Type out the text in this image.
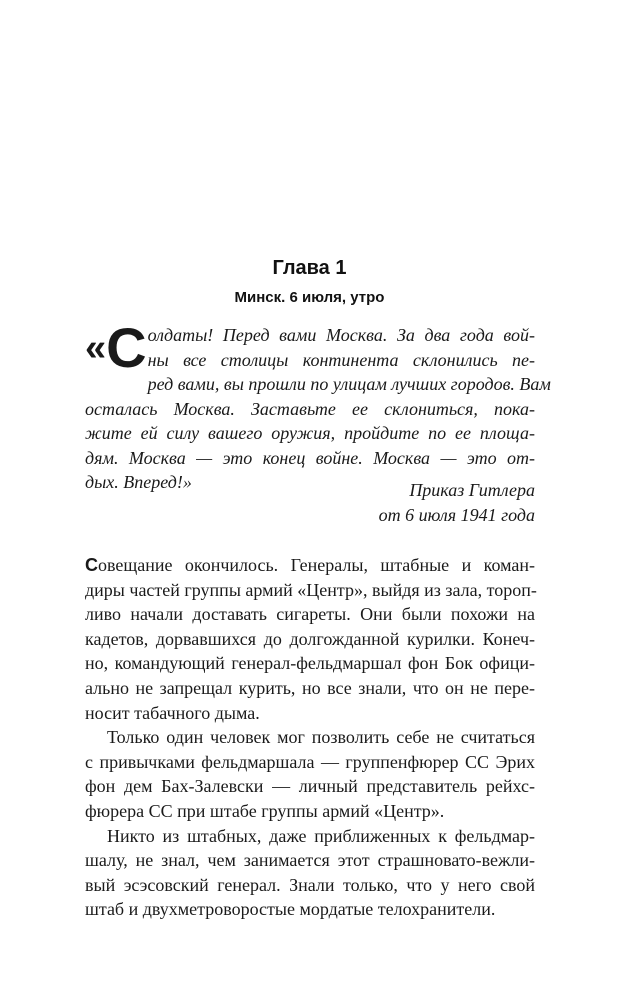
Глава 1
Минск. 6 июля, утро
«С олдаты! Перед вами Москва. За два года вой-
ны все столицы континента склонились пе-
ред вами, вы прошли по улицам лучших городов. Вам
осталась Москва. Заставьте ее склониться, пока-
жите ей силу вашего оружия, пройдите по ее площа-
дям. Москва — это конец войне. Москва — это от-
дых. Вперед!»	Приказ Гитлера
от 6 июля 1941 года
Совещание окончилось. Генералы, штабные и коман-
диры частей группы армий «Центр», выйдя из зала, тороп-
ливо начали доставать сигареты. Они были похожи на
кадетов, дорвавшихся до долгожданной курилки. Конеч-
но, командующий генерал-фельдмаршал фон Бок офици-
ально не запрещал курить, но все знали, что он не пере-
носит табачного дыма.
Только один человек мог позволить себе не считаться
с привычками фельдмаршала — группенфюрер СС Эрих
фон дем Бах-Залевски — личный представитель рейхс-
фюрера СС при штабе группы армий «Центр».
Никто из штабных, даже приближенных к фельдмар-
шалу, не знал, чем занимается этот страшновато-вежли-
вый эсэсовский генерал. Знали только, что у него свой
штаб и двухметроворостые мордатые телохранители.
